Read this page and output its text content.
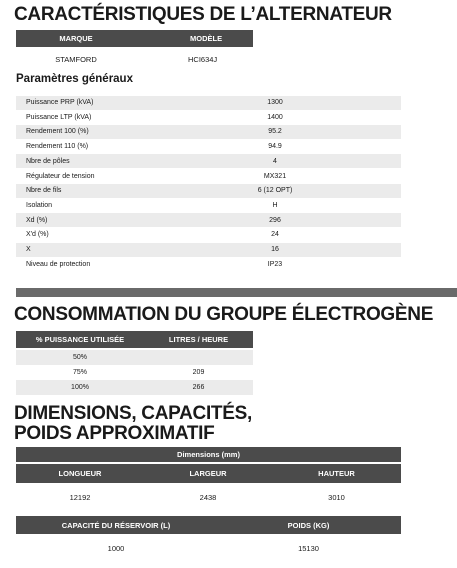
CARACTÉRISTIQUES DE L’ALTERNATEUR
MARQUE	MODÈLE
STAMFORD	HCI634J
Paramètres généraux
Puissance PRP (kVA)	1300
Puissance LTP (kVA)	1400
Rendement 100 (%)	95.2
Rendement 110 (%)	94.9
Nbre de pôles	4
Régulateur de tension	MX321
Nbre de fils	6 (12 OPT)
Isolation	H
Xd (%)	296
X'd (%)	24
X	16
Niveau de protection	IP23
CONSOMMATION DU GROUPE ÉLECTROGÈNE
% PUISSANCE UTILISÉE	LITRES / HEURE
50%
75%	209
100%	266
DIMENSIONS, CAPACITÉS,
POIDS APPROXIMATIF
Dimensions (mm)
LONGUEUR	LARGEUR	HAUTEUR
12192	2438	3010
CAPACITÉ DU RÉSERVOIR (L)	POIDS (KG)
1000	15130
